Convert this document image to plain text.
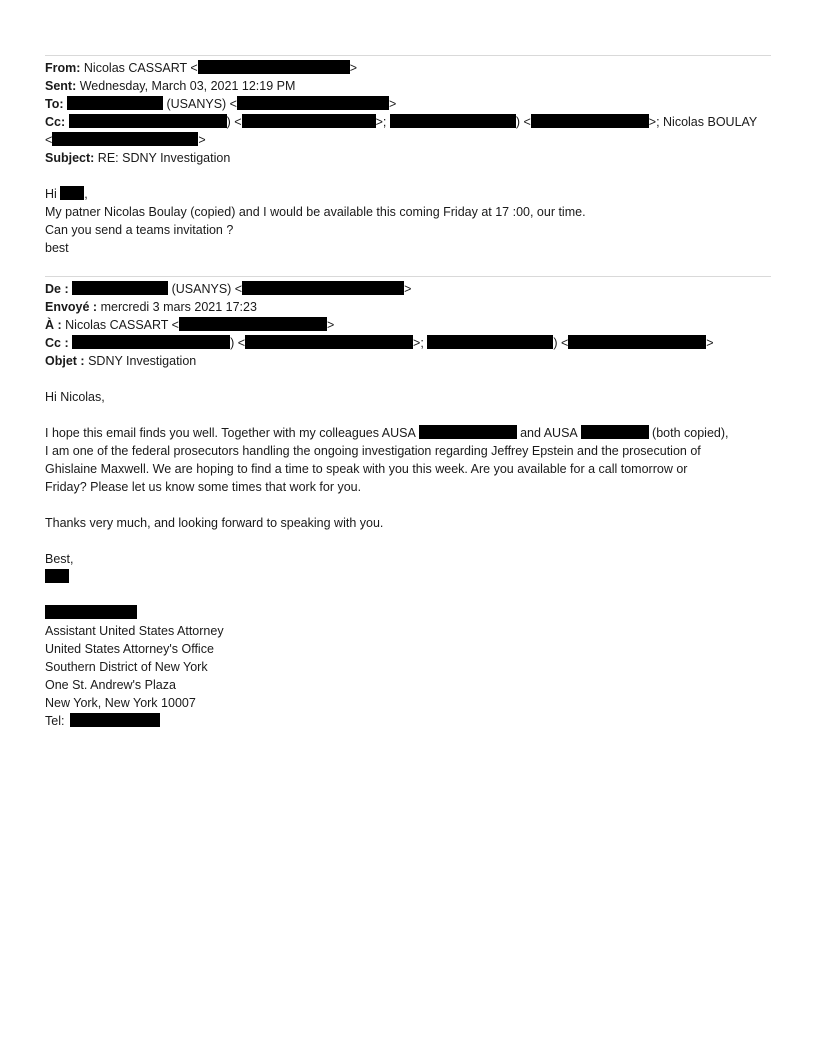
From: Nicolas CASSART <	>
Sent: Wednesday, March 03, 2021 12:19 PM
To:	(USANYS) <	>
Cc:	) <	>;	) <	>; Nicolas BOULAY
<	>
Subject: RE: SDNY Investigation
Hi ,
My patner Nicolas Boulay (copied) and I would be available this coming Friday at 17 :00, our time.
Can you send a teams invitation ?
best
De :	(USANYS) <	>
Envoyé : mercredi 3 mars 2021 17:23
À : Nicolas CASSART <	>
Cc :	) <	>;	) <	>
Objet : SDNY Investigation
Hi Nicolas,
I hope this email finds you well. Together with my colleagues AUSA	and AUSA	(both copied),
I am one of the federal prosecutors handling the ongoing investigation regarding Jeffrey Epstein and the prosecution of
Ghislaine Maxwell. We are hoping to find a time to speak with you this week. Are you available for a call tomorrow or
Friday? Please let us know some times that work for you.
Thanks very much, and looking forward to speaking with you.
Best,
Assistant United States Attorney
United States Attorney's Office
Southern District of New York
One St. Andrew's Plaza
New York, New York 10007
Tel:
